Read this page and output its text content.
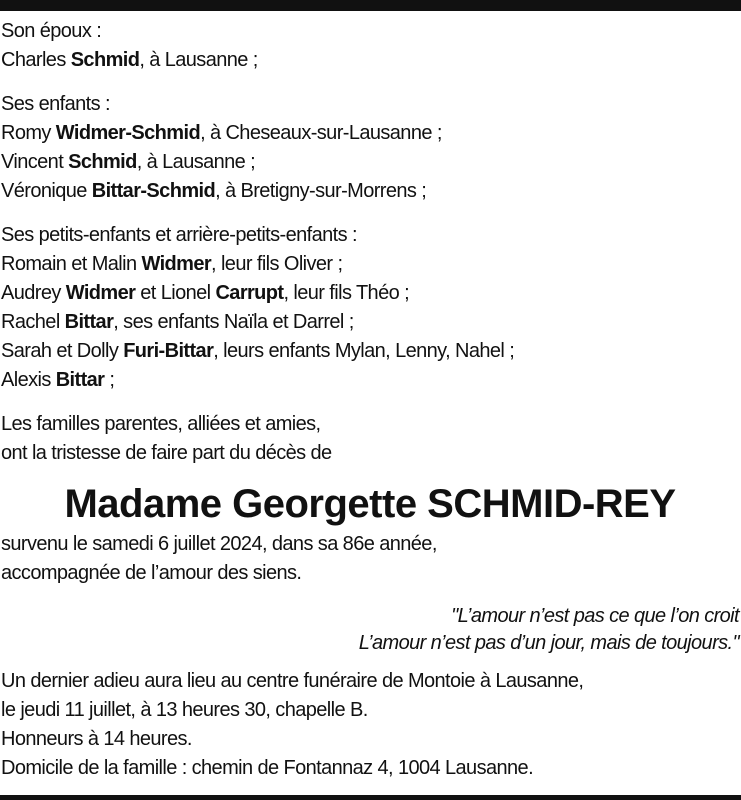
Son époux :

Charles Schmid, à Lausanne ;

Ses enfants :

Romy Widmer-Schmid, à Cheseaux-sur-Lausanne ;

Vincent Schmid, à Lausanne ;

Véronique Bittar-Schmid, à Bretigny-sur-Morrens ;

Ses petits-enfants et arrière-petits-enfants :

Romain et Malin Widmer, leur fils Oliver ;

Audrey Widmer et Lionel Carrupt, leur fils Théo ;

Rachel Bittar, ses enfants Naïla et Darrel ;

Sarah et Dolly Furi-Bittar, leurs enfants Mylan, Lenny, Nahel ;

Alexis Bittar ;

Les familles parentes, alliées et amies,

ont la tristesse de faire part du décès de

Madame Georgette SCHMID-REY

survenu le samedi 6 juillet 2024, dans sa 86e année,

accompagnée de l’amour des siens.

"L’amour n’est pas ce que l’on croit

L’amour n’est pas d’un jour, mais de toujours."

Un dernier adieu aura lieu au centre funéraire de Montoie à Lausanne,

le jeudi 11 juillet, à 13 heures 30, chapelle B.

Honneurs à 14 heures.

Domicile de la famille : chemin de Fontannaz 4, 1004 Lausanne.
